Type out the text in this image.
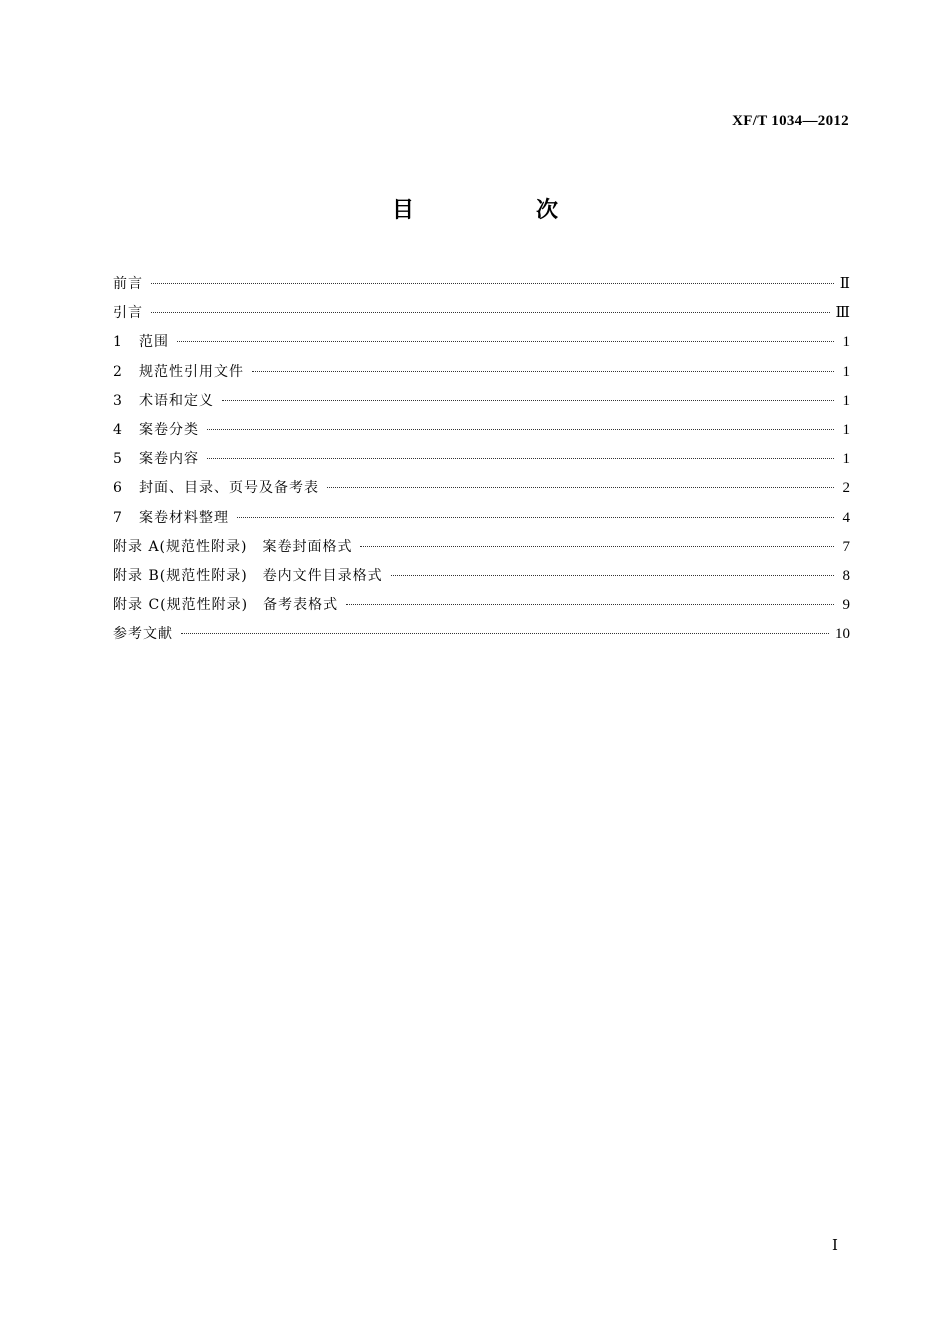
XF/T 1034—2012
目　次
前言	Ⅱ
引言	Ⅲ
1	范围	1
2	规范性引用文件	1
3	术语和定义	1
4	案卷分类	1
5	案卷内容	1
6	封面、目录、页号及备考表	2
7	案卷材料整理	4
附录 A(规范性附录)　案卷封面格式	7
附录 B(规范性附录)　卷内文件目录格式	8
附录 C(规范性附录)　备考表格式	9
参考文献	10
Ⅰ
